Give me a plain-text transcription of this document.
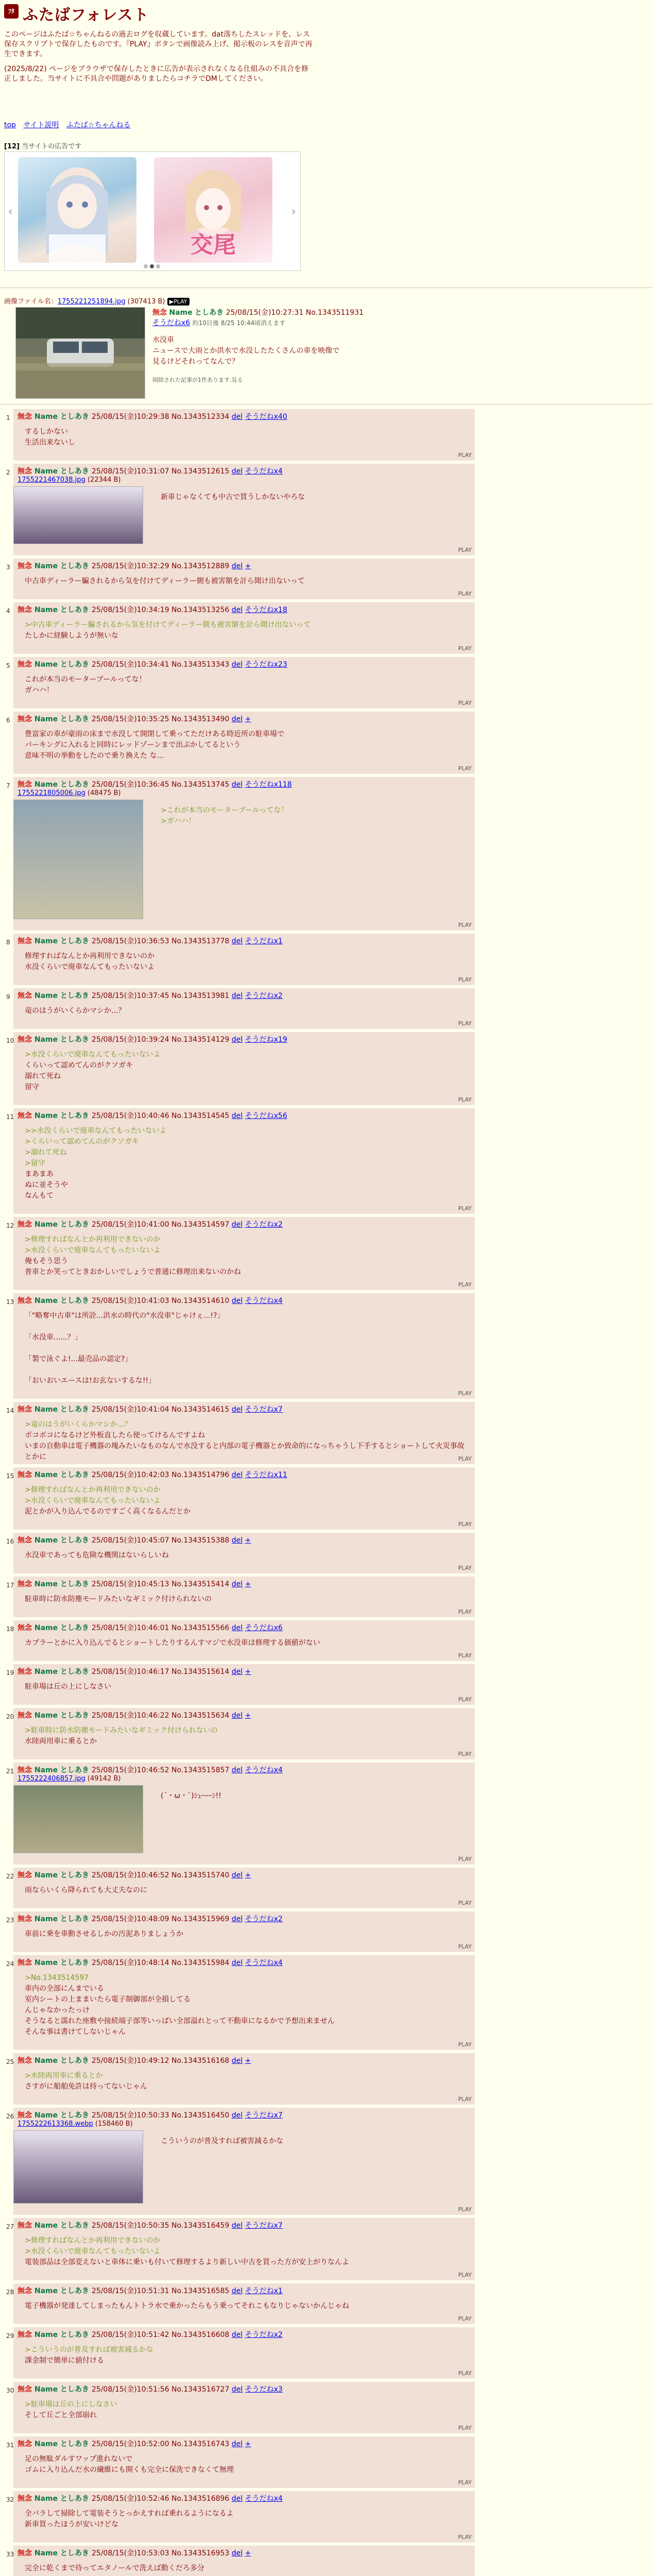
ﾌﾀ ふたばフォレスト

このページはふたば☆ちゃんねるの過去ログを収蔵しています。dat落ちしたスレッドを、レス保存スクリプトで保存したものです。『PLAY』ボタンで画像読み上げ、掲示板のレスを音声で再生できます。

(2025/8/22) ページをブラウザで保存したときに広告が表示されなくなる仕組みの不具合を修正しました。当サイトに不具合や問題がありましたらコチラでDMしてください。

top サイト説明 ふたば☆ちゃんねる
[12] 当サイトの広告です
‹
交尾
›
画像ファイル名：1755221251894.jpg (307413 B) ▶PLAY
無念 Name としあき 25/08/15(金)10:27:31 No.1343511931
そうだねx6 約10日後 8/25 10:44頃消えます
水没車
ニュースで大雨とか洪水で水没したたくさんの車を映像で
見るけどそれってなんで？
削除された記事が1件あります.見る
1 無念 Name としあき 25/08/15(金)10:29:38 No.1343512334 del そうだねx40
するしかない
生活出来ないし
PLAY
2 無念 Name としあき 25/08/15(金)10:31:07 No.1343512615 del そうだねx4
1755221467038.jpg (22344 B)
新車じゃなくても中古で買うしかないやろな
PLAY
3 無念 Name としあき 25/08/15(金)10:32:29 No.1343512889 del +
中古車ディーラー騙されるから気を付けてディーラー側も被害額を計ら聞け出ないって
PLAY
4 無念 Name としあき 25/08/15(金)10:34:19 No.1343513256 del そうだねx18
>中古車ディーラー騙されるから気を付けてディーラー側も被害額を計ら聞け出ないって
たしかに経験しようが無いな
PLAY
5 無念 Name としあき 25/08/15(金)10:34:41 No.1343513343 del そうだねx23
これが本当のモーターブールってな！
ガハハ！
PLAY
6 無念 Name としあき 25/08/15(金)10:35:25 No.1343513490 del +
豊富家の車が豪雨の床まで水没して開閉して乗ってただけある時近所の駐車場で
パーキングに入れると同時にレッドゾーンまで出ぷかしてるという
意味不明の挙動をしたので乗り換えた な...
PLAY
7 無念 Name としあき 25/08/15(金)10:36:45 No.1343513745 del そうだねx118
1755221805006.jpg (48475 B)
>これが本当のモーターブールってな！
>ガハハ！
PLAY
8 無念 Name としあき 25/08/15(金)10:36:53 No.1343513778 del そうだねx1
修理すればなんとか再利用できないのか
水没くらいで廃車なんてもったいないよ
PLAY
9 無念 Name としあき 25/08/15(金)10:37:45 No.1343513981 del そうだねx2
竜のはうがいくらかマシか...？
PLAY
10 無念 Name としあき 25/08/15(金)10:39:24 No.1343514129 del そうだねx19
>水没くらいで廃車なんてもったいないよ
くらいって認めてんのがクソガキ
溺れて死ね
留守
PLAY
11 無念 Name としあき 25/08/15(金)10:40:46 No.1343514545 del そうだねx56
>>水没くらいで廃車なんてもったいないよ
>くらいって認めてんのがクソガキ
>溺れて死ね
>留守
まあまあ
ぬに並そうや
なんもて
PLAY
12 無念 Name としあき 25/08/15(金)10:41:00 No.1343514597 del そうだねx2
>修理すればなんとか再利用できないのか
>水没くらいで廃車なんてもったいないよ
俺もそう思う
普車とか笑ってときおかしいでしょうで普通に修理出来ないのかね
PLAY
13 無念 Name としあき 25/08/15(金)10:41:03 No.1343514610 del そうだねx4
「"略奪中古車"は所詮...洪水の時代の"水没車"じゃけぇ...!?」

「水没車......？」

「製で泳ぐよ!...最売品の認定?」

「おいおいエースは!お玄ないするな!!」
PLAY
14 無念 Name としあき 25/08/15(金)10:41:04 No.1343514615 del そうだねx7
>竜のはうがいくらかマシか...？
ボコボコになるけど外板直したら使ってけるんですよね
いまの自動車は電子機器の塊みたいなものなんで水没すると内部の電子機器とか致命的になっちゃうし下手するとショートして火災事故とかに	PLAY
15 無念 Name としあき 25/08/15(金)10:42:03 No.1343514796 del そうだねx11
>修理すればなんとか再利用できないのか
>水没くらいで廃車なんてもったいないよ
泥とかが入り込んでるのですごく高くなるんだとか
PLAY
16 無念 Name としあき 25/08/15(金)10:45:07 No.1343515388 del +
水没車であっても危険な機関はないらしいね
PLAY
17 無念 Name としあき 25/08/15(金)10:45:13 No.1343515414 del +
駐車時に防水防塵モードみたいなギミック付けられないの
PLAY
18 無念 Name としあき 25/08/15(金)10:46:01 No.1343515566 del そうだねx6
カプラーとかに入り込んでるとショートしたりするんすマジで水没車は修理する価値がない
PLAY
19 無念 Name としあき 25/08/15(金)10:46:17 No.1343515614 del +
駐車場は丘の上にしなさい
PLAY
20 無念 Name としあき 25/08/15(金)10:46:22 No.1343515634 del +
>駐車時に防水防塵モードみたいなギミック付けられないの
水陸両用車に乗るとか
PLAY
21 無念 Name としあき 25/08/15(金)10:46:52 No.1343515857 del そうだねx4
1755222406857.jpg (49142 B)
(´・ω・`)ｼｭｰｰｰﾝ!!
PLAY
22 無念 Name としあき 25/08/15(金)10:46:52 No.1343515740 del +
雨ならいくら降られても大丈夫なのに
PLAY
23 無念 Name としあき 25/08/15(金)10:48:09 No.1343515969 del そうだねx2
車前に乗を車動させるしかの汚泥ありましょうか
PLAY
24 無念 Name としあき 25/08/15(金)10:48:14 No.1343515984 del そうだねx4
>No.1343514597
車内の全部にんまでいる
室内シートの上ままいたら電子制御部が全損してる
んじゃなかったっけ
そうなると濡れた座敷や接続端子部等いっぱい全部溢れとって不動車になるかで予想出来ません
そんな事は書けてしないじゃん
PLAY
25 無念 Name としあき 25/08/15(金)10:49:12 No.1343516168 del +
>水陸両用車に乗るとか
さすがに船舶免許は持ってないじゃん
PLAY
26 無念 Name としあき 25/08/15(金)10:50:33 No.1343516450 del そうだねx7
1755222613368.webp (158460 B)
こういうのが普及すれば被害減るかな
PLAY
27 無念 Name としあき 25/08/15(金)10:50:35 No.1343516459 del そうだねx7
>修理すればなんとか再利用できないのか
>水没くらいで廃車なんてもったいないよ
電装部品は全部変えないと車体に乗いも付いて修理するより新しい中古を買った方が安上がりなんよ
PLAY
28 無念 Name としあき 25/08/15(金)10:51:31 No.1343516585 del そうだねx1
電子機器が発達してしまったもんトトラ水で乗かったらもう乗ってそれこもなりじゃないかんじゃね
PLAY
29 無念 Name としあき 25/08/15(金)10:51:42 No.1343516608 del そうだねx2
>こういうのが普及すれば被害減るかな
課金制で簡単に値付ける
PLAY
30 無念 Name としあき 25/08/15(金)10:51:56 No.1343516727 del そうだねx3
>駐車場は丘の上にしなさい
そして丘ごと全部崩れ
PLAY
31 無念 Name としあき 25/08/15(金)10:52:00 No.1343516743 del +
足の無駄ダルすワップ進れないで
ゴムに入り込んだ水の繊維にも開くも完全に保洗できなくて無理
PLAY
32 無念 Name としあき 25/08/15(金)10:52:46 No.1343516896 del そうだねx4
全バラして掃除して電装そうとっかえすれば乗れるようになるよ
新車買ったほうが安いけどな
PLAY
33 無念 Name としあき 25/08/15(金)10:53:03 No.1343516953 del +
完全に乾くまで待ってエタノールで洗えば動くだろ多分
